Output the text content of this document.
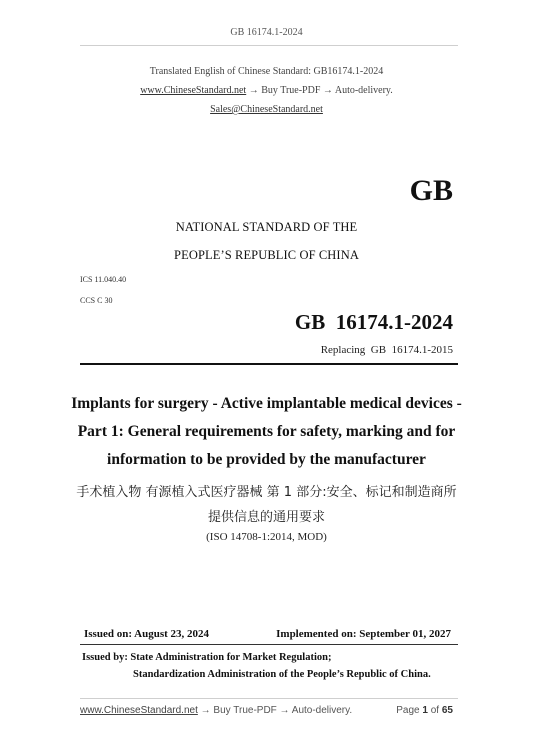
GB 16174.1-2024
Translated English of Chinese Standard: GB16174.1-2024
www.ChineseStandard.net → Buy True-PDF → Auto-delivery.
Sales@ChineseStandard.net
GB
NATIONAL STANDARD OF THE
PEOPLE’S REPUBLIC OF CHINA
ICS 11.040.40
CCS C 30
GB  16174.1-2024
Replacing  GB  16174.1-2015
Implants for surgery - Active implantable medical devices -
Part 1: General requirements for safety, marking and for
information to be provided by the manufacturer
手术植入物 有源植入式医疗器械 第 1 部分:安全、标记和制造商所
提供信息的通用要求
(ISO 14708-1:2014, MOD)
Issued on: August 23, 2024	Implemented on: September 01, 2027
Issued by: State Administration for Market Regulation;
Standardization Administration of the People’s Republic of China.
www.ChineseStandard.net → Buy True-PDF → Auto-delivery.	Page 1 of 65
